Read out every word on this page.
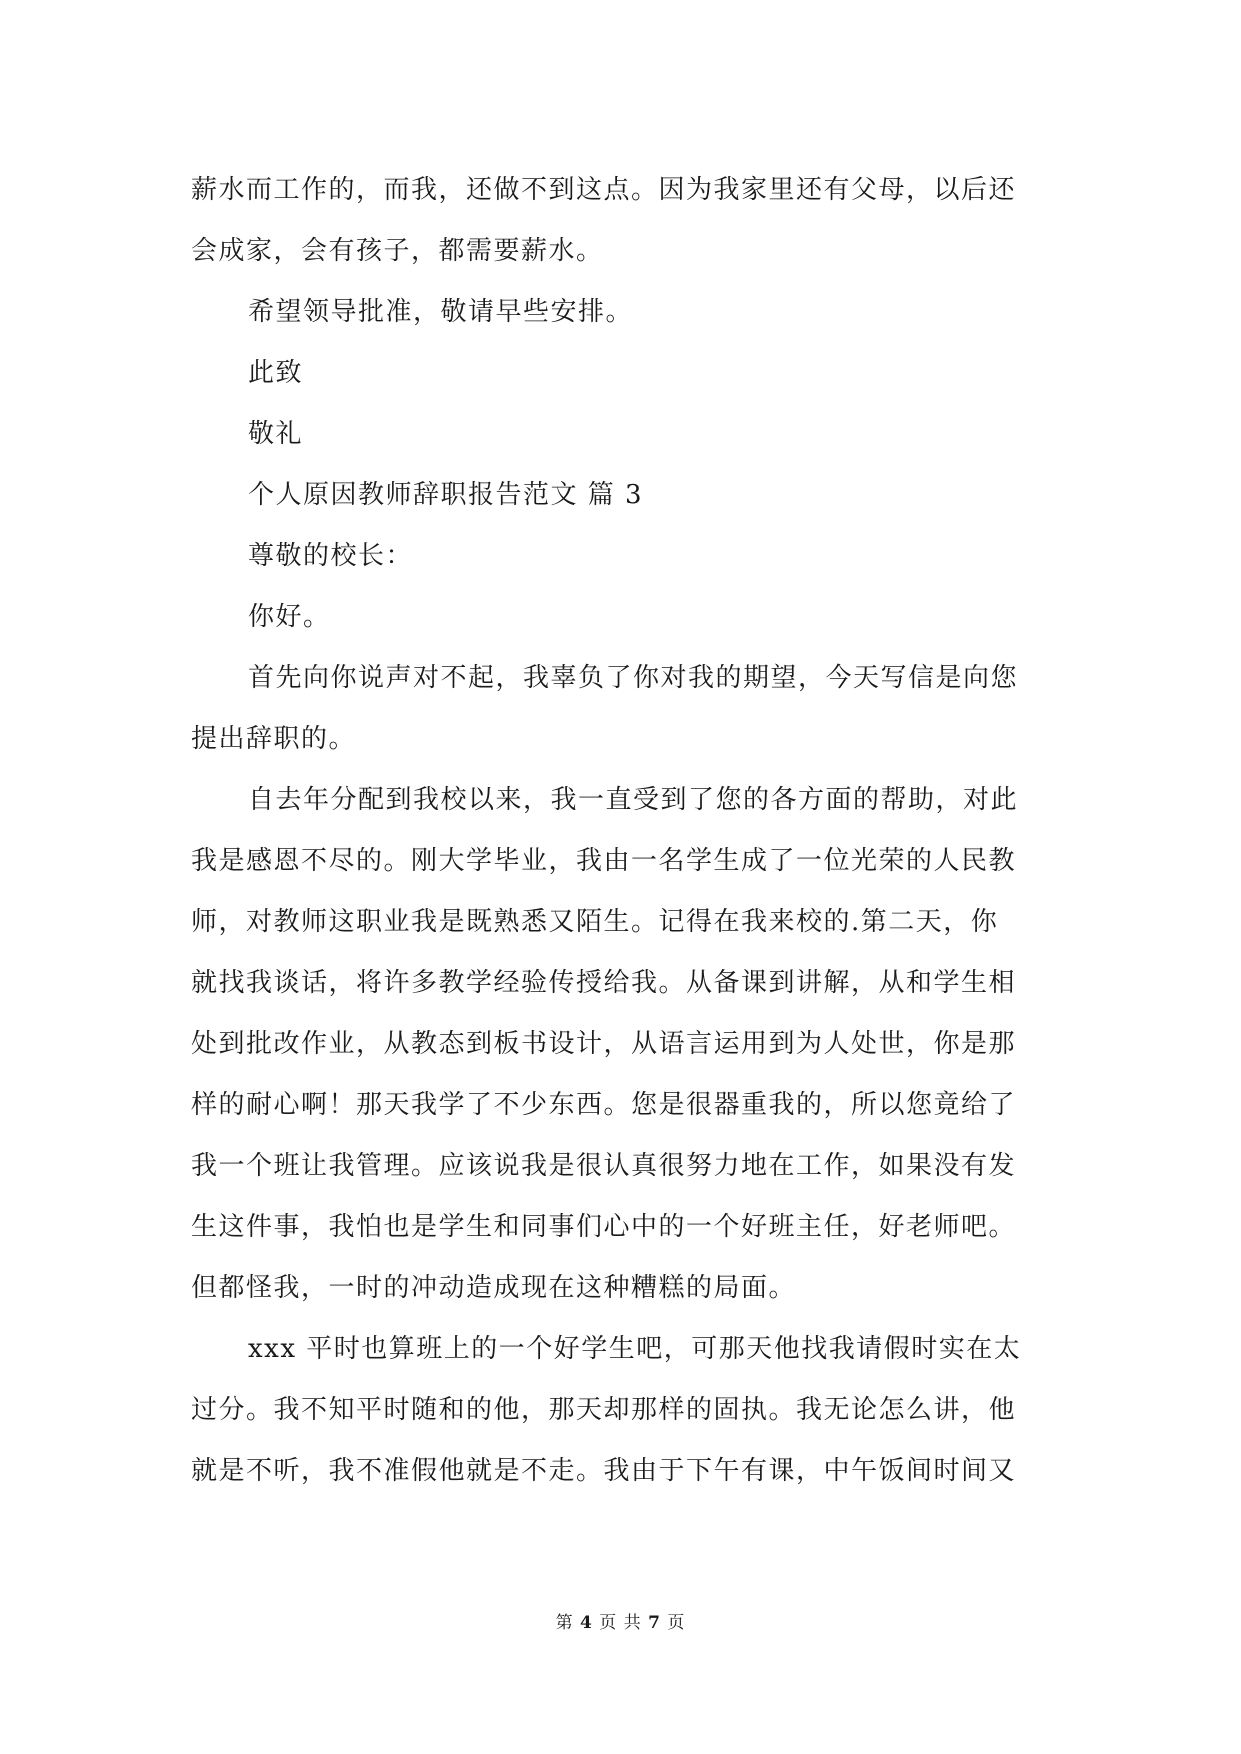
薪水而工作的，而我，还做不到这点。因为我家里还有父母，以后还
会成家，会有孩子，都需要薪水。
希望领导批准，敬请早些安排。
此致
敬礼
个人原因教师辞职报告范文 篇 3
尊敬的校长：
你好。
首先向你说声对不起，我辜负了你对我的期望，今天写信是向您
提出辞职的。
自去年分配到我校以来，我一直受到了您的各方面的帮助，对此
我是感恩不尽的。刚大学毕业，我由一名学生成了一位光荣的人民教
师，对教师这职业我是既熟悉又陌生。记得在我来校的.第二天，你
就找我谈话，将许多教学经验传授给我。从备课到讲解，从和学生相
处到批改作业，从教态到板书设计，从语言运用到为人处世，你是那
样的耐心啊！那天我学了不少东西。您是很器重我的，所以您竟给了
我一个班让我管理。应该说我是很认真很努力地在工作，如果没有发
生这件事，我怕也是学生和同事们心中的一个好班主任，好老师吧。
但都怪我，一时的冲动造成现在这种糟糕的局面。
xxx 平时也算班上的一个好学生吧，可那天他找我请假时实在太
过分。我不知平时随和的他，那天却那样的固执。我无论怎么讲，他
就是不听，我不准假他就是不走。我由于下午有课，中午饭间时间又
第 4 页 共 7 页
